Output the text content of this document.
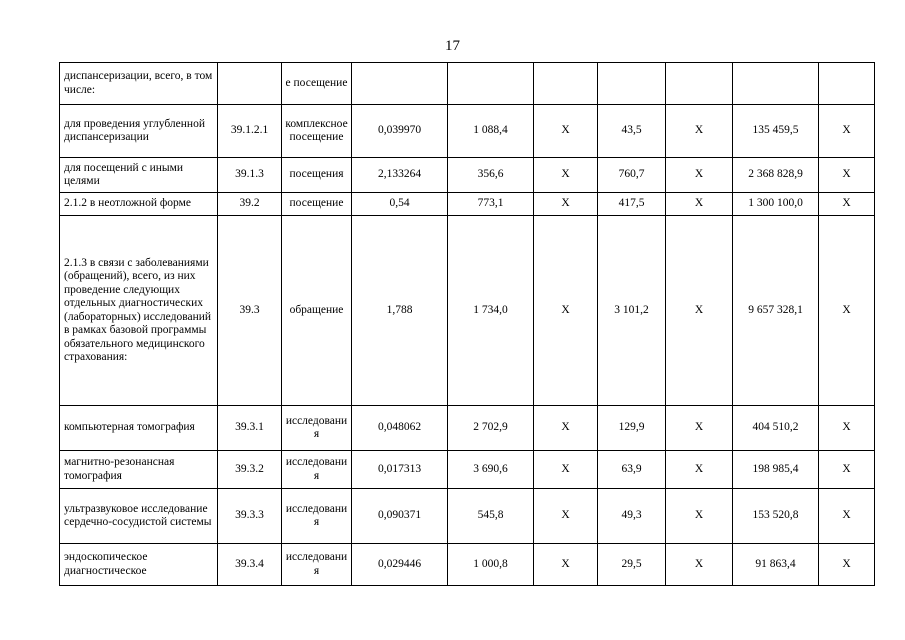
17
диспансеризации, всего, в том числе:		е посещение							
для проведения углубленной диспансеризации	39.1.2.1	комплексное посещение	0,039970	1 088,4	X	43,5	X	135 459,5	X
для посещений с иными целями	39.1.3	посещения	2,133264	356,6	X	760,7	X	2 368 828,9	X
2.1.2 в неотложной форме	39.2	посещение	0,54	773,1	X	417,5	X	1 300 100,0	X
2.1.3 в связи с заболеваниями (обращений), всего, из них проведение следующих отдельных диагностических (лабораторных) исследований в рамках базовой программы обязательного медицинского страхования:	39.3	обращение	1,788	1 734,0	X	3 101,2	X	9 657 328,1	X
компьютерная томография	39.3.1	исследования	0,048062	2 702,9	X	129,9	X	404 510,2	X
магнитно-резонансная томография	39.3.2	исследования	0,017313	3 690,6	X	63,9	X	198 985,4	X
ультразвуковое исследование сердечно-сосудистой системы	39.3.3	исследования	0,090371	545,8	X	49,3	X	153 520,8	X
эндоскопическое диагностическое	39.3.4	исследования	0,029446	1 000,8	X	29,5	X	91 863,4	X
